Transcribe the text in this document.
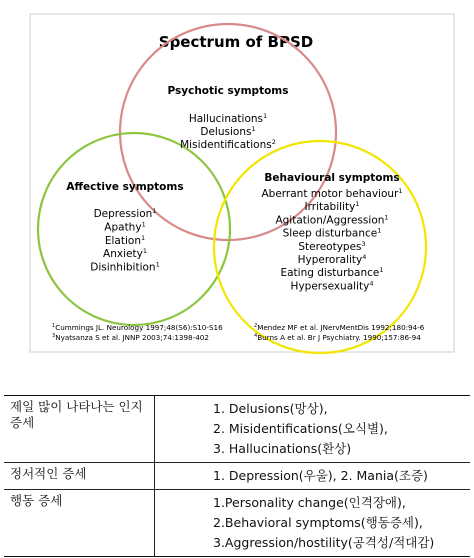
Spectrum of BPSD
Psychotic symptoms
Hallucinations$^1$
Delusions$^1$
Misidentifications$^2$
Affective symptoms
Depression$^1$
Apathy$^1$
Elation$^1$
Anxiety$^1$
Disinhibition$^1$
Behavioural symptoms
Aberrant motor behaviour$^1$
Irritability$^1$
Agitation/Aggression$^1$
Sleep disturbance$^1$
Stereotypes$^3$
Hyperorality$^4$
Eating disturbance$^1$
Hypersexuality$^4$
$^1$Cummings JL. Neurology 1997;48(S6):S10-S16
$^3$Nyatsanza S et al. JNNP 2003;74:1398-402
$^2$Mendez MF et al. JNervMentDis 1992;180:94-6
$^4$Burns A et al. Br J Psychiatry. 1990;157:86-94
제일 많이 나타나는 인지 증세	1. Delusions(망상),
2. Misidentifications(오식별),
3. Hallucinations(환상)

정서적인 증세	1. Depression(우울), 2. Mania(조증)

행동 증세	1.Personality change(인격장애),
2.Behavioral symptoms(행동증세),
3.Aggression/hostility(공격성/적대감)
